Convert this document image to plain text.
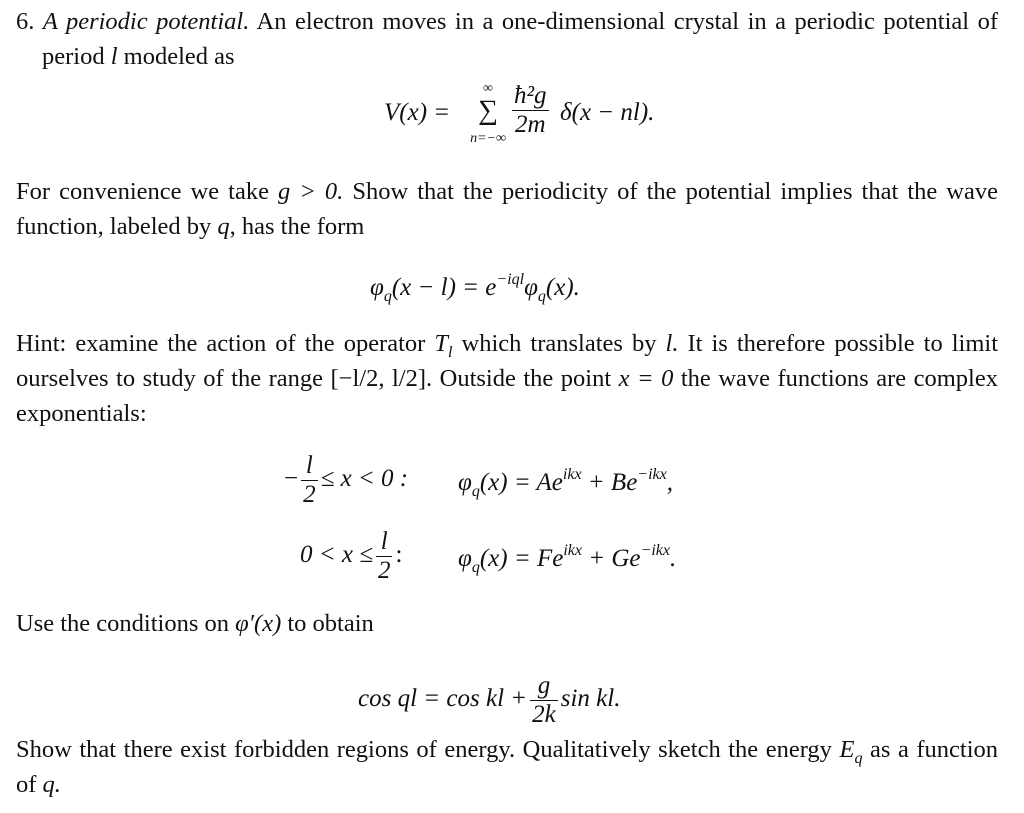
6. A periodic potential. An electron moves in a one-dimensional crystal in a periodic potential of period l modeled as
V(x) =
∞
∑
$n=-\infty \frac{\text{ħ²g}}{2m} \delta(x - nl)$.
For convenience we take g > 0. Show that the periodicity of the potential implies that the wave function, labeled by q, has the form
$\varphi_q(x - l) = e^{-iql}\varphi_q(x)$.
Hint: examine the action of the operator $T_l$ which translates by l. It is therefore possible to limit ourselves to study of the range [−l/2, l/2]. Outside the point x = 0 the wave functions are complex exponentials:
− $\frac{l}{2} \le x < 0$ : $\varphi_q(x) = Ae^{ikx} + Be^{-ikx}$,
$0 < x \le \frac{l}{2}$ : $\varphi_q(x) = Fe^{ikx} + Ge^{-ikx}$.
Use the conditions on φ′(x) to obtain
cos ql = cos kl + $\frac{g}{2k}$ sin kl.
Show that there exist forbidden regions of energy. Qualitatively sketch the energy $E_q$ as a function of q.
